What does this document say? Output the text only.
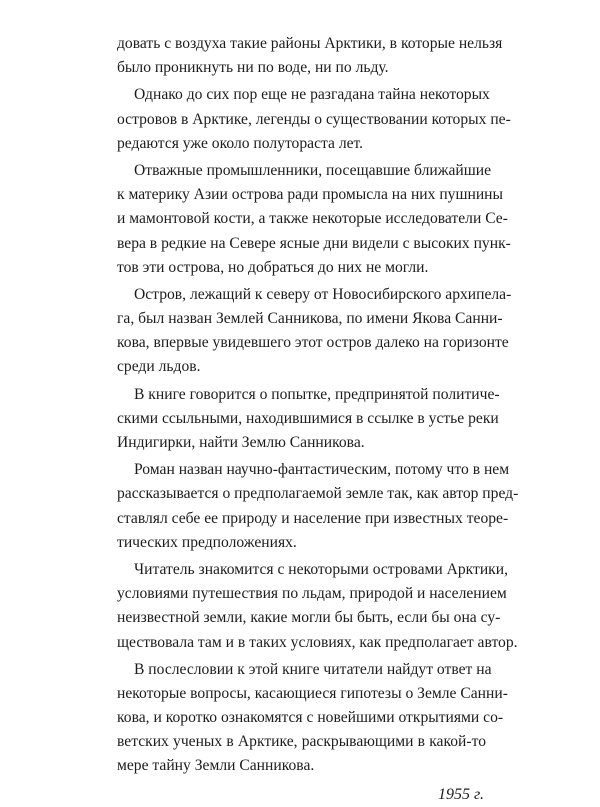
довать с воздуха такие районы Арктики, в которые нельзя
было проникнуть ни по воде, ни по льду.
Однако до сих пор еще не разгадана тайна некоторых
островов в Арктике, легенды о существовании которых пе-
редаются уже около полутораста лет.
Отважные промышленники, посещавшие ближайшие
к материку Азии острова ради промысла на них пушнины
и мамонтовой кости, а также некоторые исследователи Се-
вера в редкие на Севере ясные дни видели с высоких пунк-
тов эти острова, но добраться до них не могли.
Остров, лежащий к северу от Новосибирского архипела-
га, был назван Землей Санникова, по имени Якова Санни-
кова, впервые увидевшего этот остров далеко на горизонте
среди льдов.
В книге говорится о попытке, предпринятой политиче-
скими ссыльными, находившимися в ссылке в устье реки
Индигирки, найти Землю Санникова.
Роман назван научно-фантастическим, потому что в нем
рассказывается о предполагаемой земле так, как автор пред-
ставлял себе ее природу и население при известных теоре-
тических предположениях.
Читатель знакомится с некоторыми островами Арктики,
условиями путешествия по льдам, природой и населением
неизвестной земли, какие могли бы быть, если бы она су-
ществовала там и в таких условиях, как предполагает автор.
В послесловии к этой книге читатели найдут ответ на
некоторые вопросы, касающиеся гипотезы о Земле Санни-
кова, и коротко ознакомятся с новейшими открытиями со-
ветских ученых в Арктике, раскрывающими в какой-то
мере тайну Земли Санникова.
1955 г.
